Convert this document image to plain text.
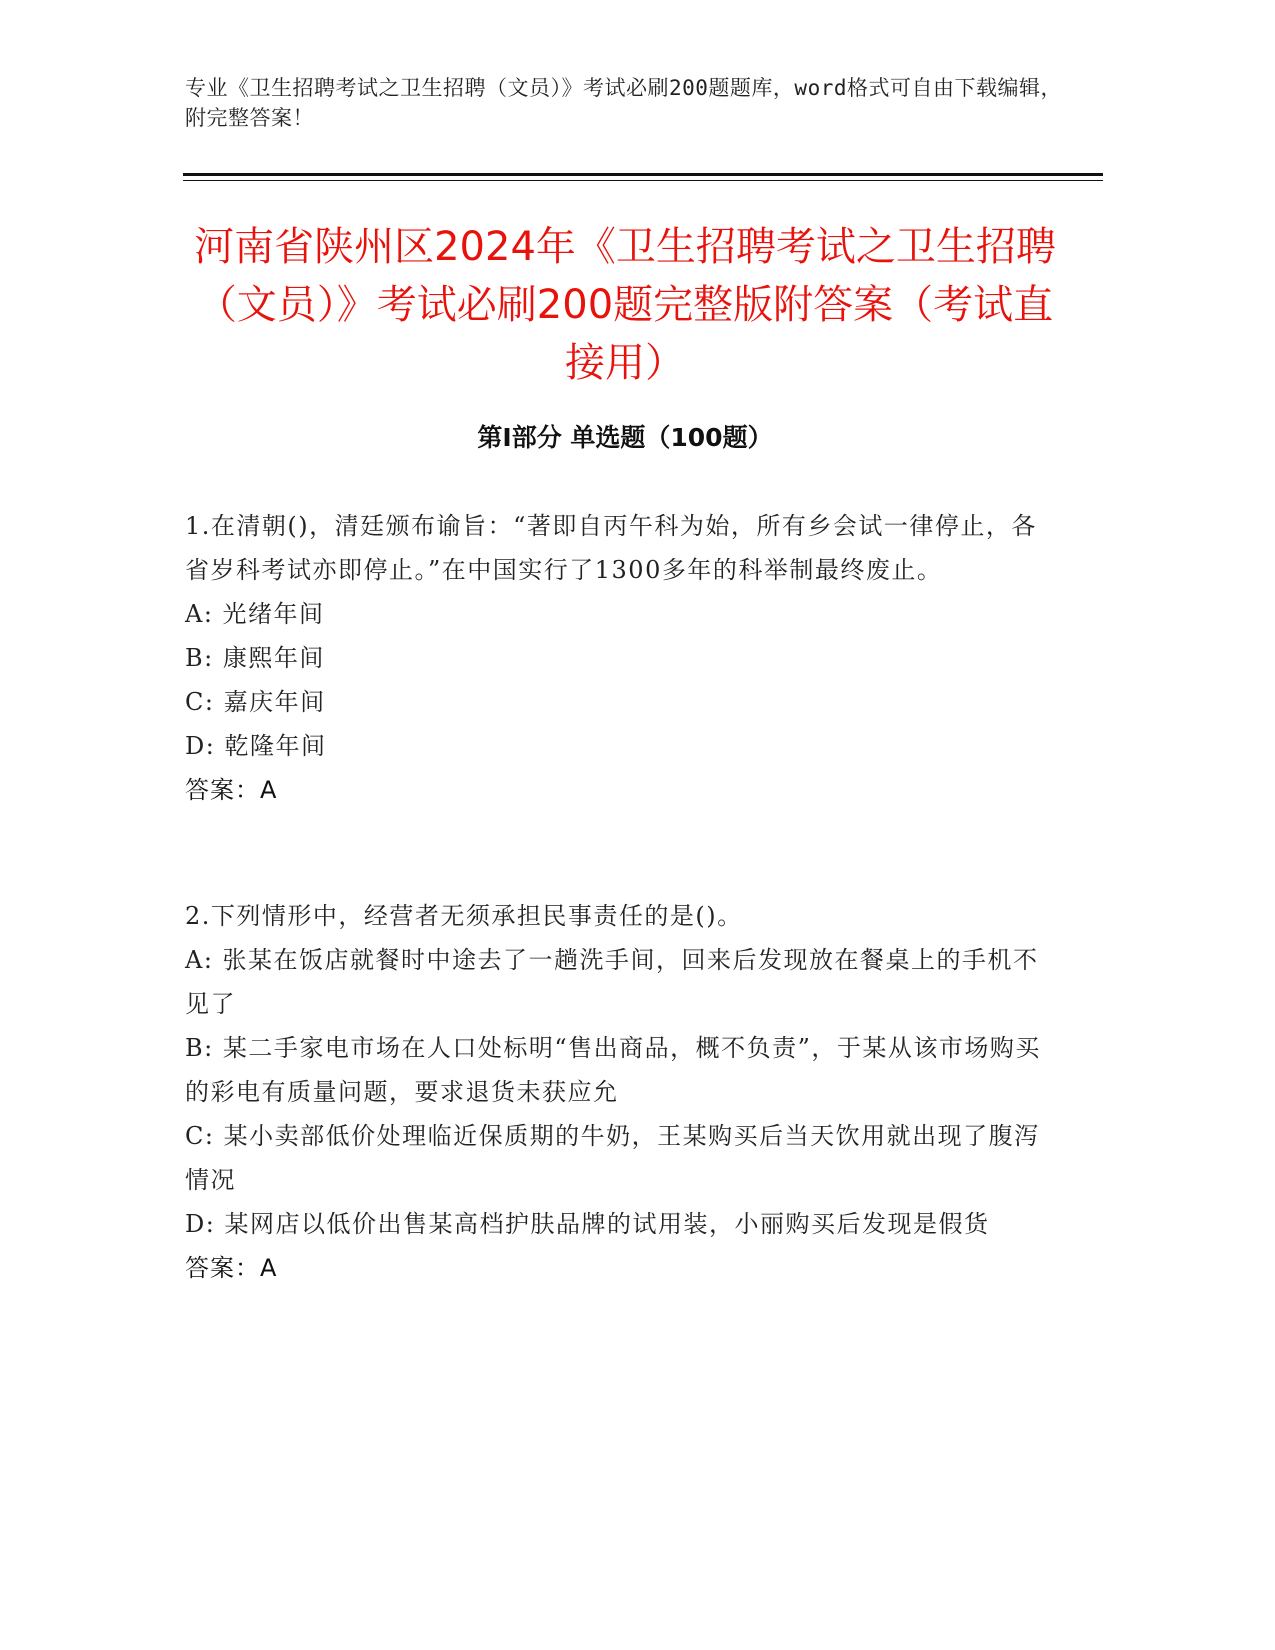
专业《卫生招聘考试之卫生招聘（文员）》考试必刷200题题库，word格式可自由下载编辑，附完整答案！
河南省陕州区2024年《卫生招聘考试之卫生招聘（文员）》考试必刷200题完整版附答案（考试直接用）
第I部分 单选题（100题）

1.在清朝()，清廷颁布谕旨：“著即自丙午科为始，所有乡会试一律停止，各省岁科考试亦即停止。”在中国实行了1300多年的科举制最终废止。

A: 光绪年间

B: 康熙年间

C: 嘉庆年间

D: 乾隆年间

答案：A

2.下列情形中，经营者无须承担民事责任的是()。

A: 张某在饭店就餐时中途去了一趟洗手间，回来后发现放在餐桌上的手机不见了

B: 某二手家电市场在人口处标明“售出商品，概不负责”，于某从该市场购买的彩电有质量问题，要求退货未获应允

C: 某小卖部低价处理临近保质期的牛奶，王某购买后当天饮用就出现了腹泻情况

D: 某网店以低价出售某高档护肤品牌的试用装，小丽购买后发现是假货

答案：A
